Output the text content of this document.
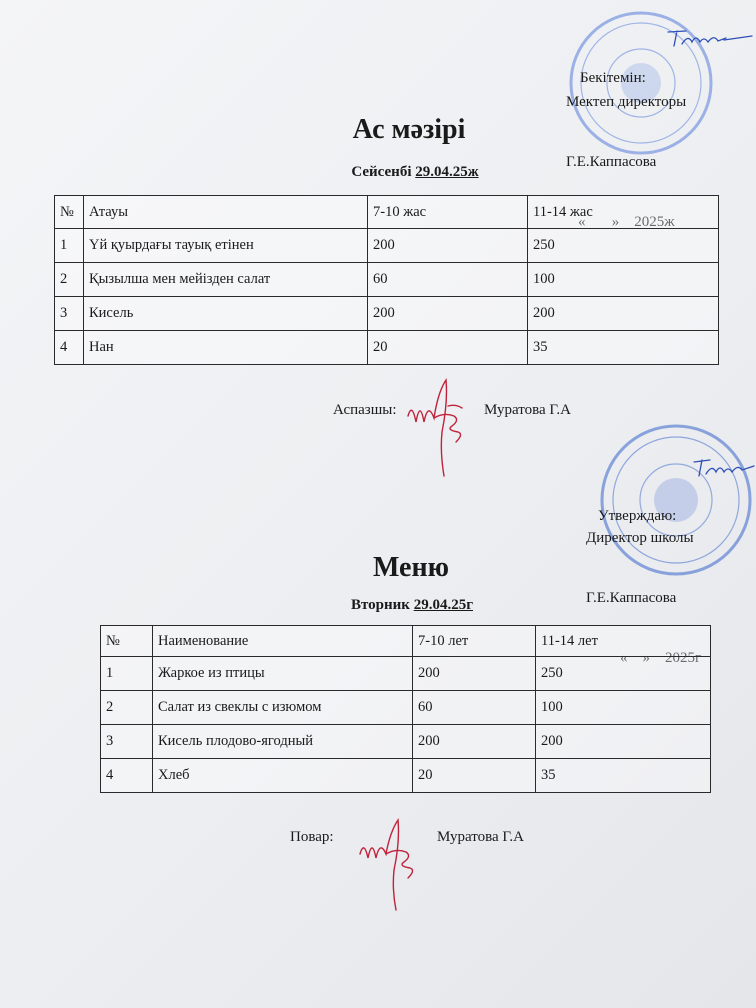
Бекітемін:

Мектеп директоры

Г.Е.Каппасова

«       »    2025ж

Ас мәзірі
Сейсенбі 29.04.25ж
№	Атауы	7-10 жас	11-14 жас
1	Үй қуырдағы тауық етінен	200	250
2	Қызылша мен мейізден салат	60	100
3	Кисель	200	200
4	Нан	20	35
Аспазшы:	Муратова Г.А

Утверждаю:

Директор школы

Г.Е.Каппасова

«    »    2025г

Меню
Вторник 29.04.25г
№	Наименование	7-10 лет	11-14 лет
1	Жаркое из птицы	200	250
2	Салат из свеклы с изюмом	60	100
3	Кисель плодово-ягодный	200	200
4	Хлеб	20	35
Повар:	Муратова Г.А
